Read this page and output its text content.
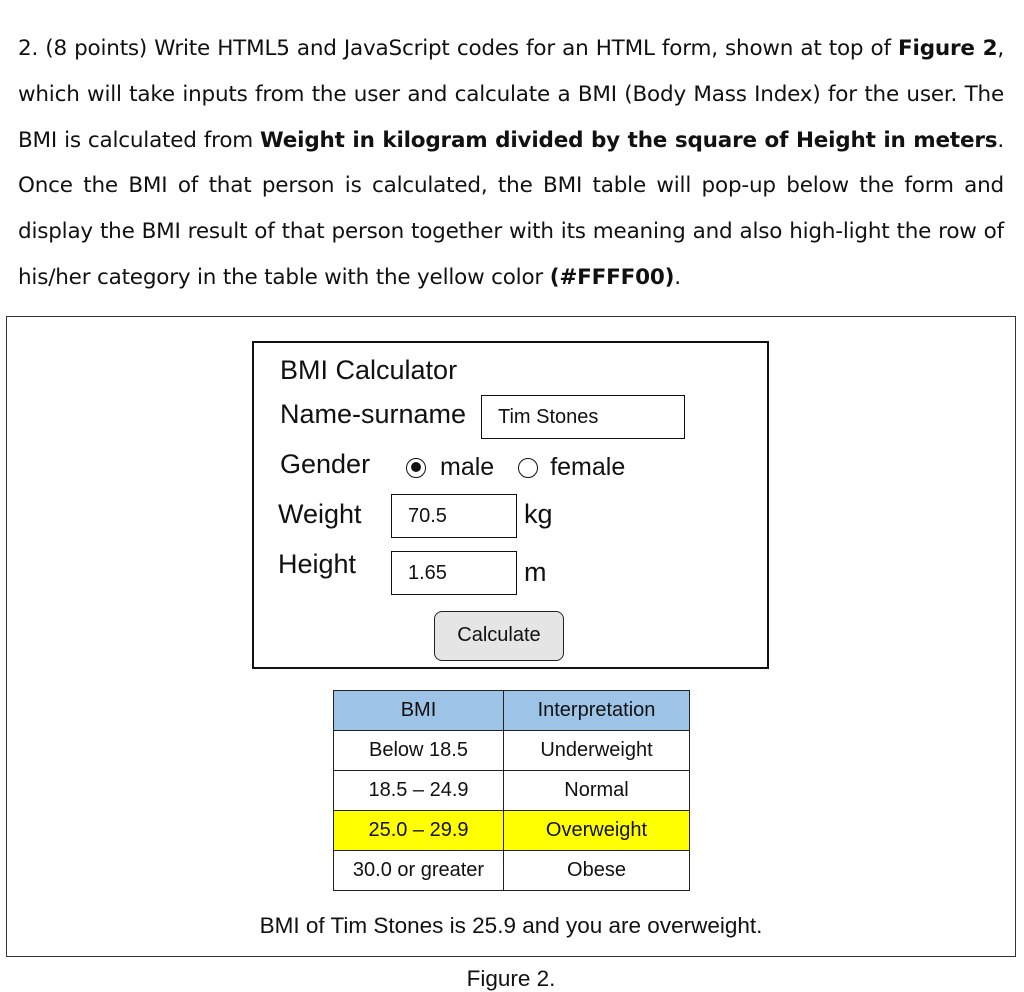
2. (8 points) Write HTML5 and JavaScript codes for an HTML form, shown at top of Figure 2, which will take inputs from the user and calculate a BMI (Body Mass Index) for the user. The BMI is calculated from Weight in kilogram divided by the square of Height in meters. Once the BMI of that person is calculated, the BMI table will pop-up below the form and display the BMI result of that person together with its meaning and also high-light the row of his/her category in the table with the yellow color (#FFFF00).
BMI Calculator
Name-surname	Tim Stones
Gender	male female
Weight	70.5	kg
Height	1.65	m
Calculate
BMI	Interpretation
Below 18.5	Underweight
18.5 – 24.9	Normal
25.0 – 29.9	Overweight
30.0 or greater	Obese
BMI of Tim Stones is 25.9 and you are overweight.
Figure 2.
